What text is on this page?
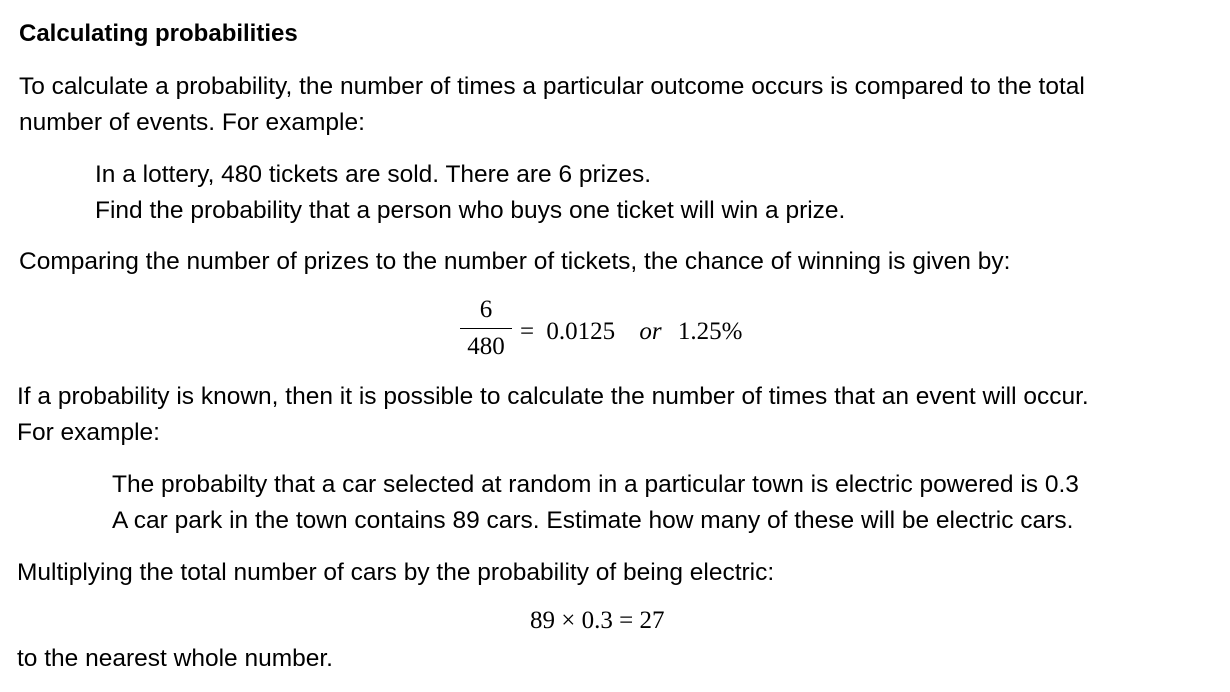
Calculating probabilities

To calculate a probability, the number of times a particular outcome occurs is compared to the total

number of events. For example:

In a lottery, 480 tickets are sold. There are 6 prizes.

Find the probability that a person who buys one ticket will win a prize.

Comparing the number of prizes to the number of tickets, the chance of winning is given by:

6
480
= 0.0125 or 1.25%

If a probability is known, then it is possible to calculate the number of times that an event will occur.

For example:

The probabilty that a car selected at random in a particular town is electric powered is 0.3

A car park in the town contains 89 cars. Estimate how many of these will be electric cars.

Multiplying the total number of cars by the probability of being electric:

89 × 0.3 = 27

to the nearest whole number.
